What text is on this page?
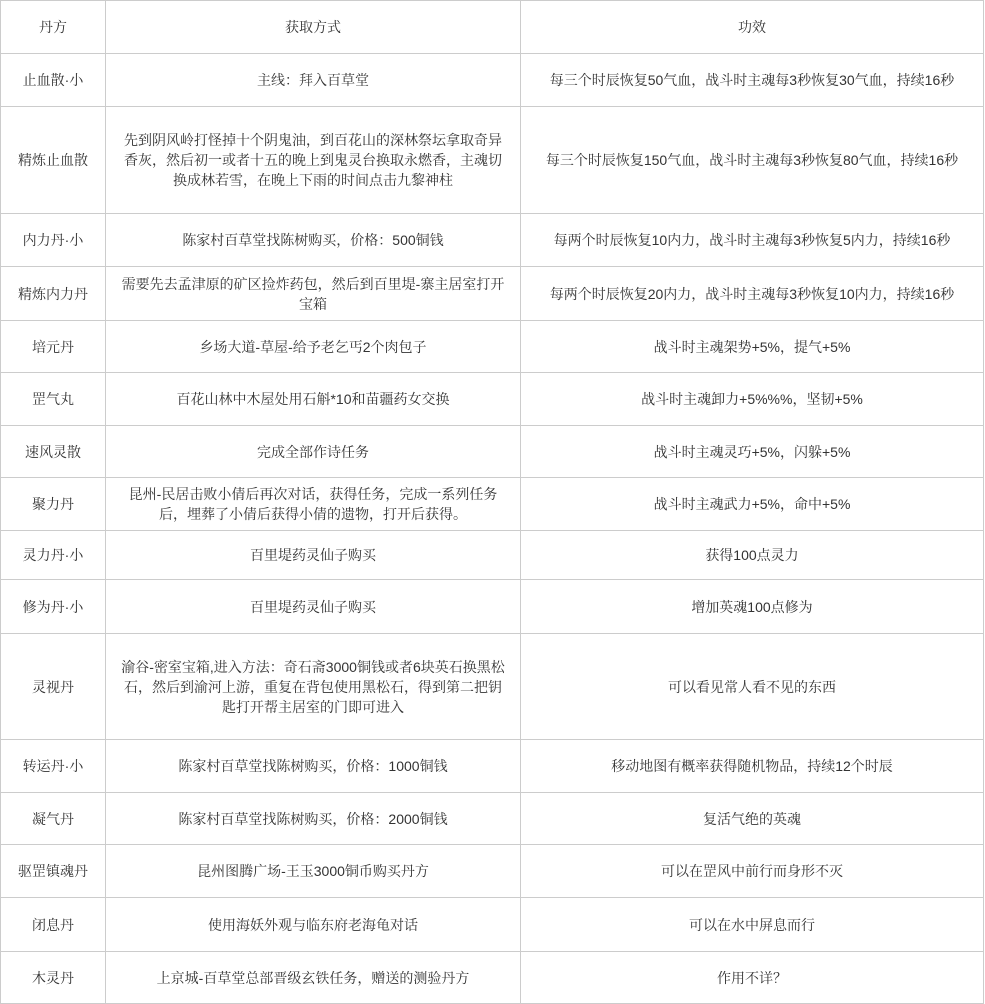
丹方	获取方式	功效
止血散·小	主线：拜入百草堂	每三个时辰恢复50气血，战斗时主魂每3秒恢复30气血，持续16秒
精炼止血散	先到阴风岭打怪掉十个阴鬼油，到百花山的深林祭坛拿取奇异香灰，然后初一或者十五的晚上到鬼灵台换取永燃香，主魂切换成林若雪，在晚上下雨的时间点击九黎神柱	每三个时辰恢复150气血，战斗时主魂每3秒恢复80气血，持续16秒
内力丹·小	陈家村百草堂找陈树购买，价格：500铜钱	每两个时辰恢复10内力，战斗时主魂每3秒恢复5内力，持续16秒
精炼内力丹	需要先去孟津原的矿区捡炸药包，然后到百里堤-寨主居室打开宝箱	每两个时辰恢复20内力，战斗时主魂每3秒恢复10内力，持续16秒
培元丹	乡场大道-草屋-给予老乞丐2个肉包子	战斗时主魂架势+5%，提气+5%
罡气丸	百花山林中木屋处用石斛*10和苗疆药女交换	战斗时主魂卸力+5%%%，坚韧+5%
速风灵散	完成全部作诗任务	战斗时主魂灵巧+5%，闪躲+5%
聚力丹	昆州-民居击败小倩后再次对话，获得任务，完成一系列任务后，埋葬了小倩后获得小倩的遗物，打开后获得。	战斗时主魂武力+5%，命中+5%
灵力丹·小	百里堤药灵仙子购买	获得100点灵力
修为丹·小	百里堤药灵仙子购买	增加英魂100点修为
灵视丹	渝谷-密室宝箱,进入方法：奇石斋3000铜钱或者6块英石换黑松石，然后到渝河上游，重复在背包使用黑松石，得到第二把钥匙打开帮主居室的门即可进入	可以看见常人看不见的东西
转运丹·小	陈家村百草堂找陈树购买，价格：1000铜钱	移动地图有概率获得随机物品，持续12个时辰
凝气丹	陈家村百草堂找陈树购买，价格：2000铜钱	复活气绝的英魂
驱罡镇魂丹	昆州图腾广场-王玉3000铜币购买丹方	可以在罡风中前行而身形不灭
闭息丹	使用海妖外观与临东府老海龟对话	可以在水中屏息而行
木灵丹	上京城-百草堂总部晋级玄铁任务，赠送的测验丹方	作用不详？
